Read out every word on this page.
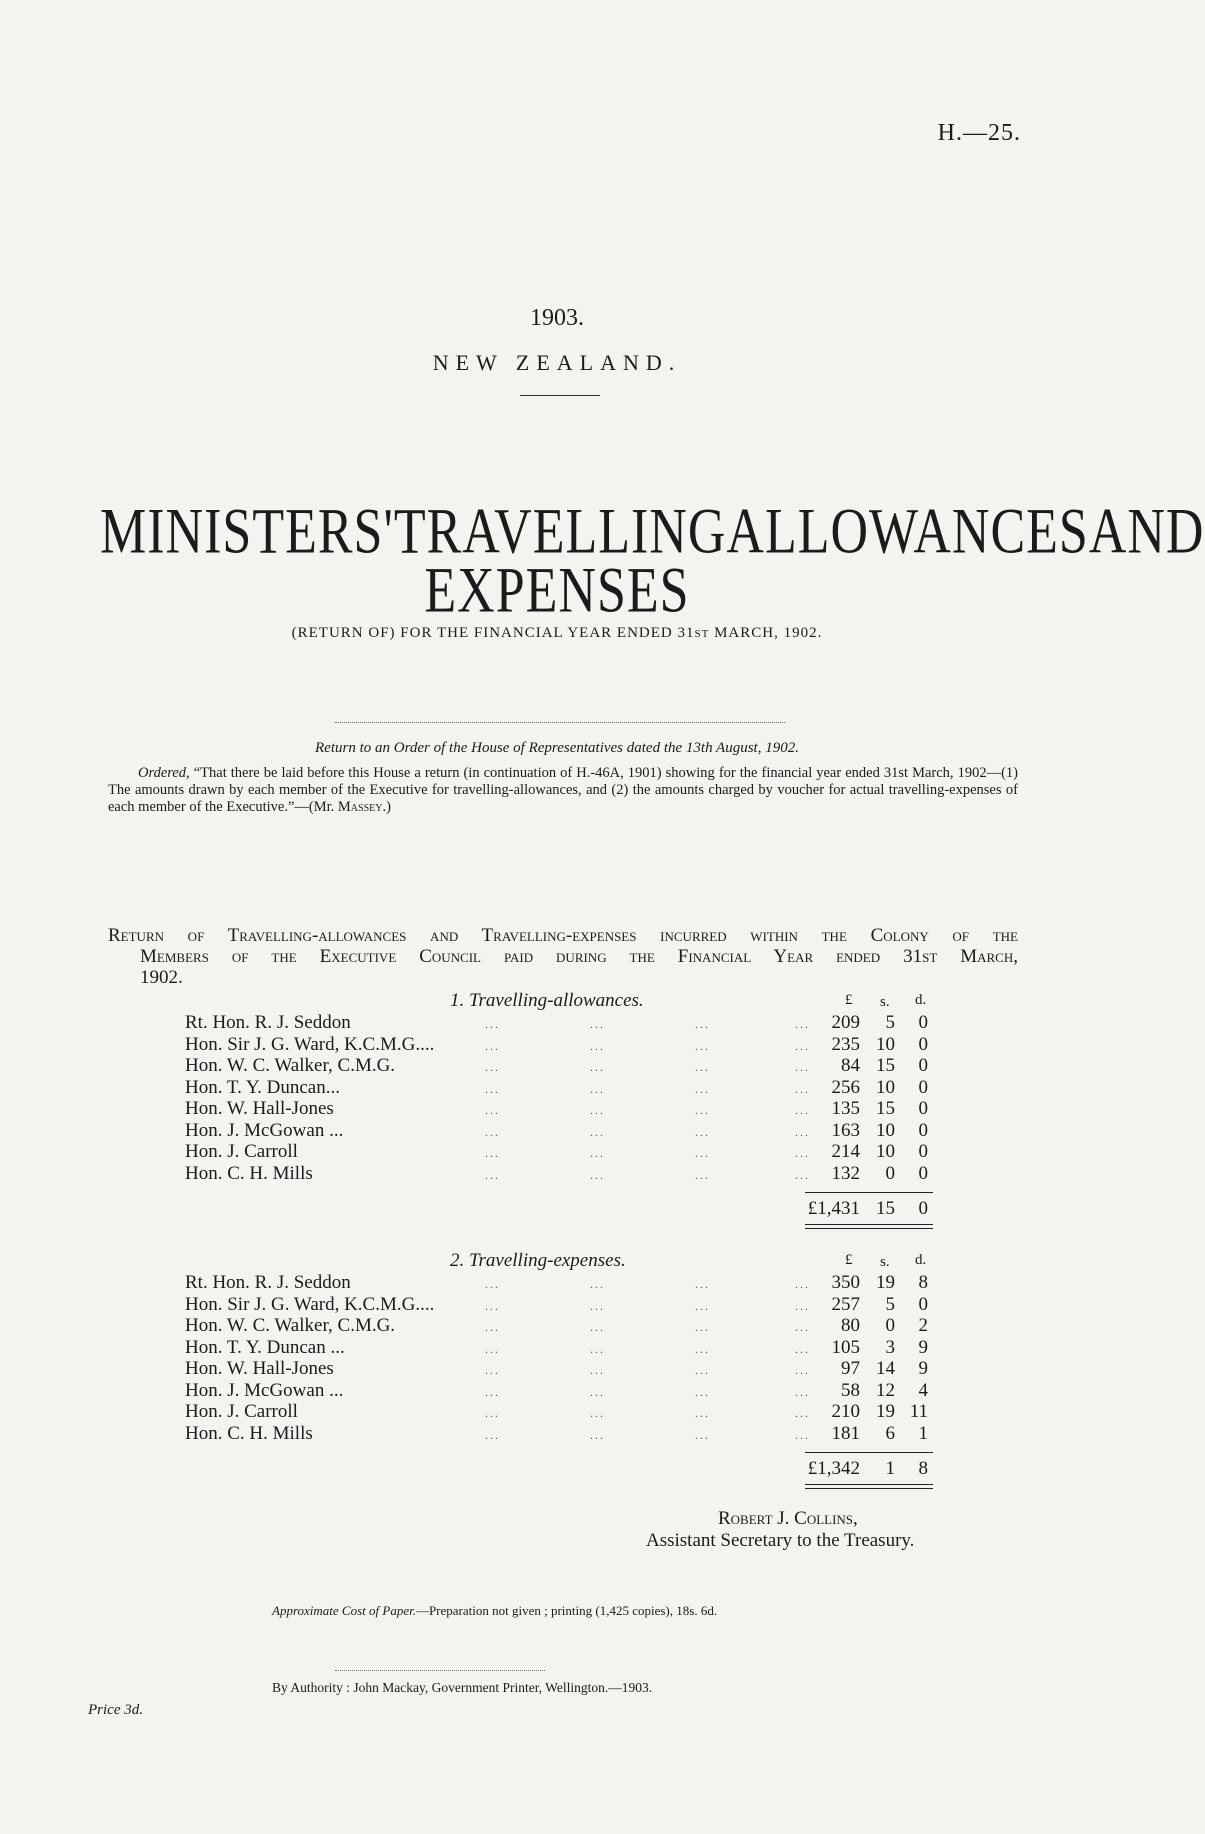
H.—25.
1903.
NEW ZEALAND.
MINISTERS' TRAVELLING ALLOWANCES AND
EXPENSES
(RETURN OF) FOR THE FINANCIAL YEAR ENDED 31ST MARCH, 1902.
Return to an Order of the House of Representatives dated the 13th August, 1902.
Ordered, “That there be laid before this House a return (in continuation of H.-46A, 1901) showing for the financial year ended 31st March, 1902—(1) The amounts drawn by each member of the Executive for travelling-allowances, and (2) the amounts charged by voucher for actual travelling-expenses of each member of the Executive.”—(Mr. Massey.)
Return of Travelling-allowances and Travelling-expenses incurred within the Colony of the
Members of the Executive Council paid during the Financial Year ended 31st March,
1902.
1. Travelling-allowances.	£ s. d.
Rt. Hon. R. J. Seddon	209	5	0
...	...	...	...
Hon. Sir J. G. Ward, K.C.M.G....	235 10	0
...	...	...	...
Hon. W. C. Walker, C.M.G.	84 15	0
...	...	...	...
Hon. T. Y. Duncan...	256 10	0
...	...	...	...
Hon. W. Hall-Jones	135 15	0
...	...	...	...
Hon. J. McGowan ...	163 10	0
...	...	...	...
Hon. J. Carroll	214 10	0
...	...	...	...
Hon. C. H. Mills	132	0	0
...	...	...	...
£1,431 15	0
2. Travelling-expenses.	£ s. d.
Rt. Hon. R. J. Seddon	350 19	8
...	...	...	...
Hon. Sir J. G. Ward, K.C.M.G....	257	5	0
...	...	...	...
Hon. W. C. Walker, C.M.G.	80	0	2
...	...	...	...
Hon. T. Y. Duncan ...	105	3	9
...	...	...	...
Hon. W. Hall-Jones	97 14	9
...	...	...	...
Hon. J. McGowan ...	58 12	4
...	...	...	...
Hon. J. Carroll	210 19 11
...	...	...	...
Hon. C. H. Mills	181	6	1
...	...	...	...
£1,342	1	8
Robert J. Collins,
Assistant Secretary to the Treasury.
Approximate Cost of Paper.—Preparation not given ; printing (1,425 copies), 18s. 6d.
By Authority : John Mackay, Government Printer, Wellington.—1903.
Price 3d.
